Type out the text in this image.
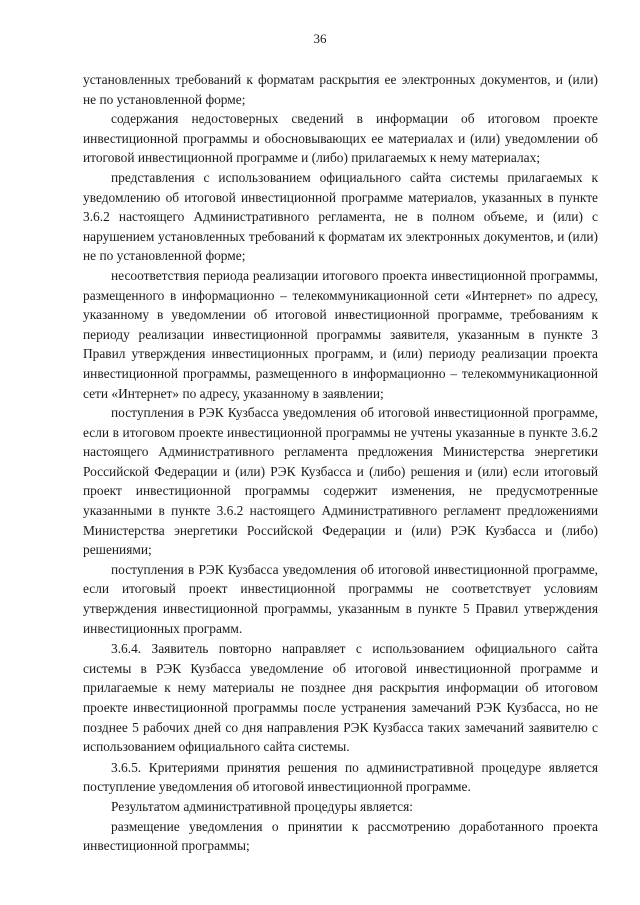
36

установленных требований к форматам раскрытия ее электронных документов, и (или) не по установленной форме;

содержания недостоверных сведений в информации об итоговом проекте инвестиционной программы и обосновывающих ее материалах и (или) уведомлении об итоговой инвестиционной программе и (либо) прилагаемых к нему материалах;

представления с использованием официального сайта системы прилагаемых к уведомлению об итоговой инвестиционной программе материалов, указанных в пункте 3.6.2 настоящего Административного регламента, не в полном объеме, и (или) с нарушением установленных требований к форматам их электронных документов, и (или) не по установленной форме;

несоответствия периода реализации итогового проекта инвестиционной программы, размещенного в информационно – телекоммуникационной сети «Интернет» по адресу, указанному в уведомлении об итоговой инвестиционной программе, требованиям к периоду реализации инвестиционной программы заявителя, указанным в пункте 3 Правил утверждения инвестиционных программ, и (или) периоду реализации проекта инвестиционной программы, размещенного в информационно – телекоммуникационной сети «Интернет» по адресу, указанному в заявлении;

поступления в РЭК Кузбасса уведомления об итоговой инвестиционной программе, если в итоговом проекте инвестиционной программы не учтены указанные в пункте 3.6.2 настоящего Административного регламента предложения Министерства энергетики Российской Федерации и (или) РЭК Кузбасса и (либо) решения и (или) если итоговый проект инвестиционной программы содержит изменения, не предусмотренные указанными в пункте 3.6.2 настоящего Административного регламент предложениями Министерства энергетики Российской Федерации и (или) РЭК Кузбасса и (либо) решениями;

поступления в РЭК Кузбасса уведомления об итоговой инвестиционной программе, если итоговый проект инвестиционной программы не соответствует условиям утверждения инвестиционной программы, указанным в пункте 5 Правил утверждения инвестиционных программ.

3.6.4. Заявитель повторно направляет с использованием официального сайта системы в РЭК Кузбасса уведомление об итоговой инвестиционной программе и прилагаемые к нему материалы не позднее дня раскрытия информации об итоговом проекте инвестиционной программы после устранения замечаний РЭК Кузбасса, но не позднее 5 рабочих дней со дня направления РЭК Кузбасса таких замечаний заявителю с использованием официального сайта системы.

3.6.5. Критериями принятия решения по административной процедуре является поступление уведомления об итоговой инвестиционной программе.

Результатом административной процедуры является:

размещение уведомления о принятии к рассмотрению доработанного проекта инвестиционной программы;
